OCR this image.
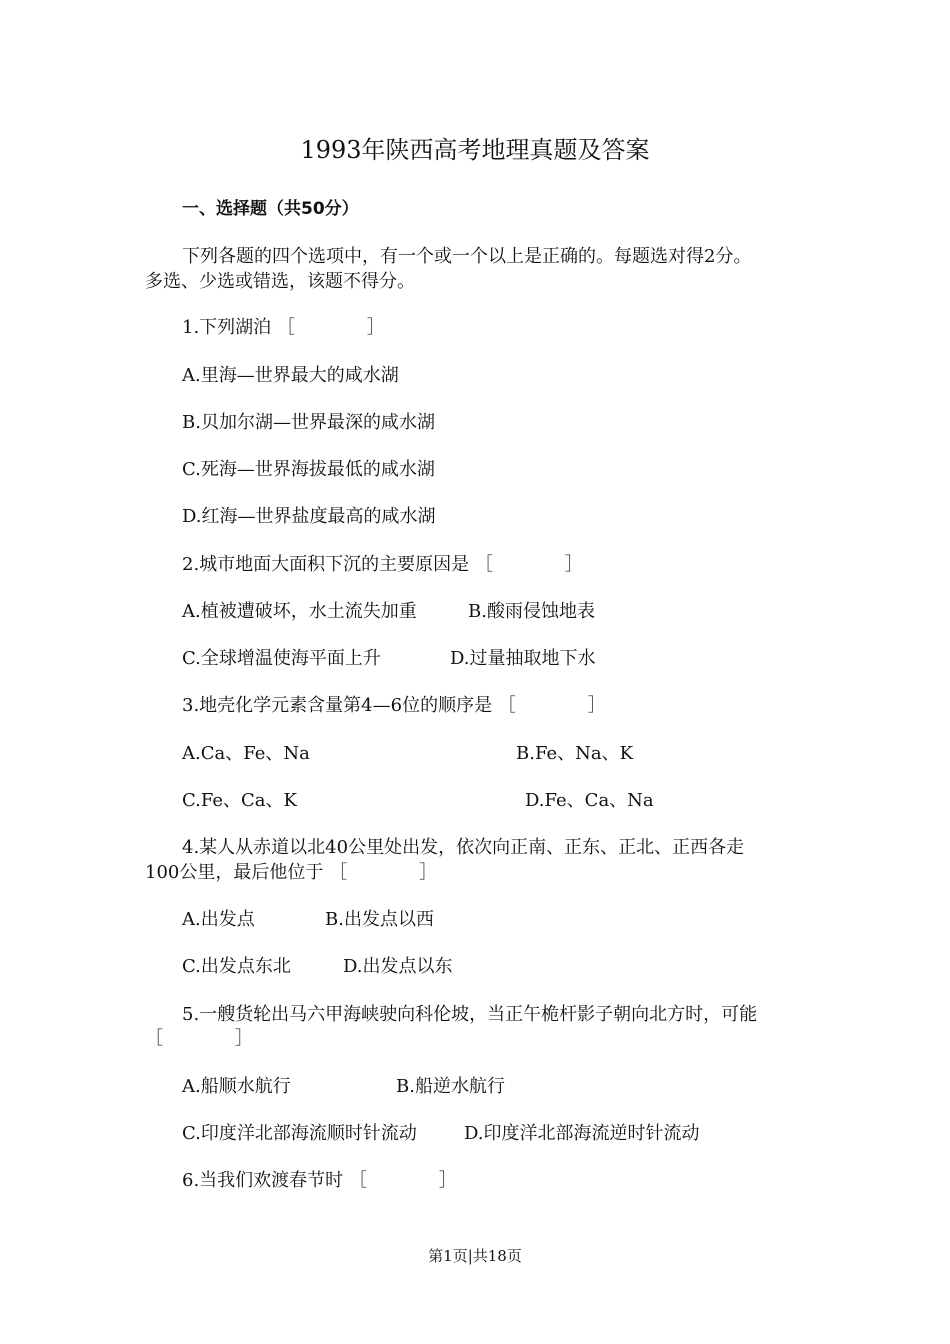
1993年陕西高考地理真题及答案
一、选择题（共50分）
下列各题的四个选项中，有一个或一个以上是正确的。每题选对得2分。
多选、少选或错选，该题不得分。
1.下列湖泊 ［　　　　］
A.里海—世界最大的咸水湖
B.贝加尔湖—世界最深的咸水湖
C.死海—世界海拔最低的咸水湖
D.红海—世界盐度最高的咸水湖
2.城市地面大面积下沉的主要原因是 ［　　　　］
A.植被遭破坏，水土流失加重	B.酸雨侵蚀地表
C.全球增温使海平面上升	D.过量抽取地下水
3.地壳化学元素含量第4—6位的顺序是 ［　　　　］
A.Ca、Fe、Na	B.Fe、Na、K
C.Fe、Ca、K	D.Fe、Ca、Na
4.某人从赤道以北40公里处出发，依次向正南、正东、正北、正西各走
100公里，最后他位于 ［　　　　］
A.出发点	B.出发点以西
C.出发点东北	D.出发点以东
5.一艘货轮出马六甲海峡驶向科伦坡，当正午桅杆影子朝向北方时，可能
［　　　　］
A.船顺水航行	B.船逆水航行
C.印度洋北部海流顺时针流动	D.印度洋北部海流逆时针流动
6.当我们欢渡春节时 ［　　　　］
第1页|共18页
